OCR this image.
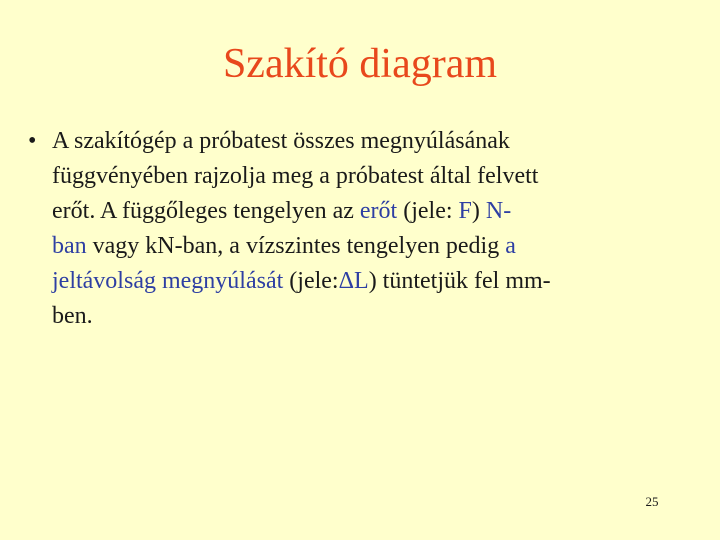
Szakító diagram
• A szakítógép a próbatest összes megnyúlásának
függvényében rajzolja meg a próbatest által felvett
erőt. A függőleges tengelyen az erőt (jele: F) N-
ban vagy kN-ban, a vízszintes tengelyen pedig a
jeltávolság megnyúlását (jele:ΔL) tüntetjük fel mm-
ben.
25
